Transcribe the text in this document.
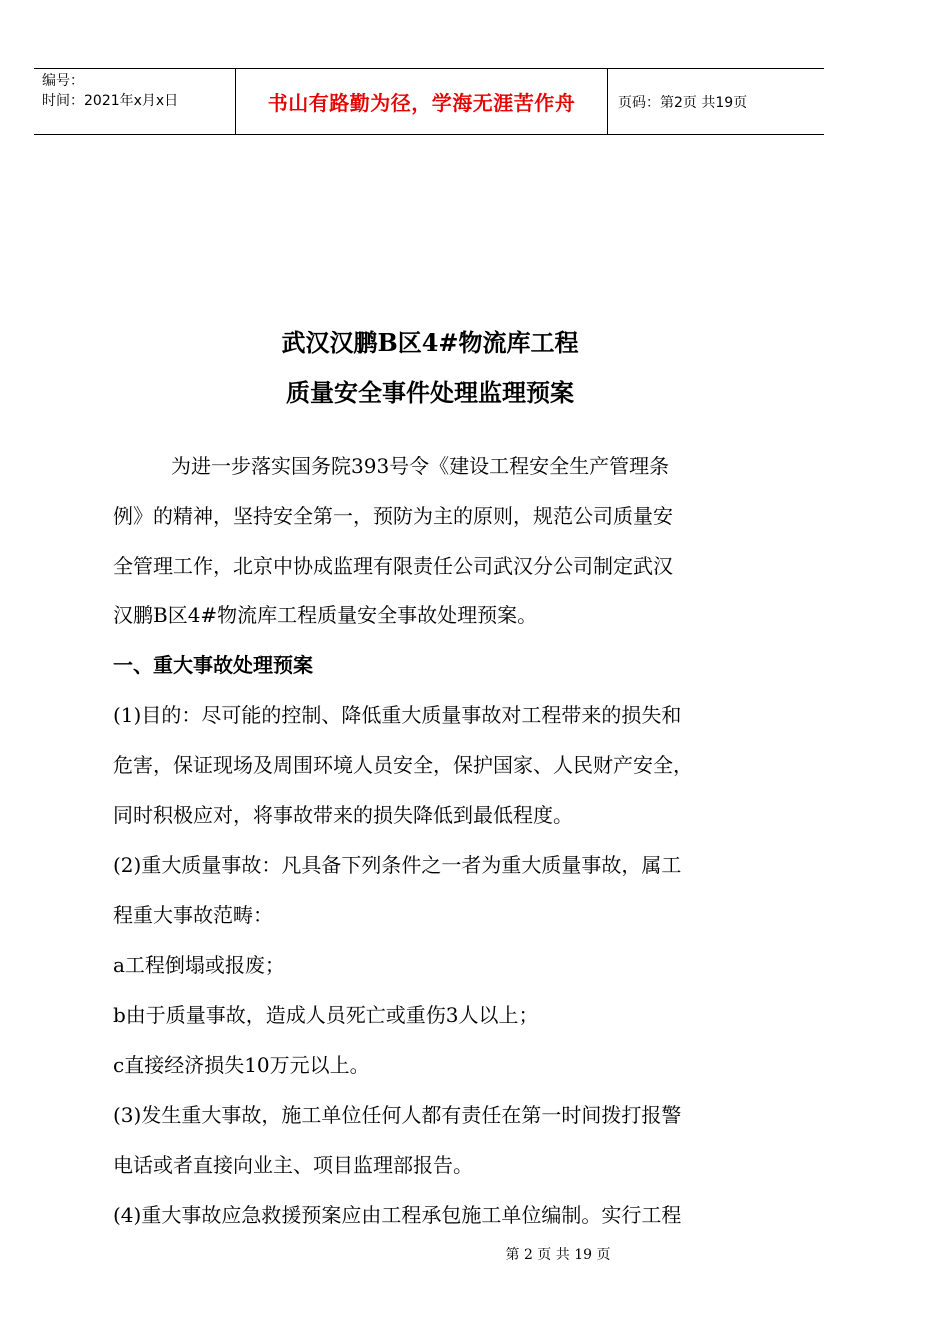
编号：
时间：2021年x月x日	书山有路勤为径，学海无涯苦作舟	页码：第2页 共19页
武汉汉鹏B区4#物流库工程
质量安全事件处理监理预案
为进一步落实国务院393号令《建设工程安全生产管理条
例》的精神，坚持安全第一，预防为主的原则，规范公司质量安
全管理工作，北京中协成监理有限责任公司武汉分公司制定武汉
汉鹏B区4#物流库工程质量安全事故处理预案。
一、重大事故处理预案
(1)目的：尽可能的控制、降低重大质量事故对工程带来的损失和
危害，保证现场及周围环境人员安全，保护国家、人民财产安全，
同时积极应对，将事故带来的损失降低到最低程度。
(2)重大质量事故：凡具备下列条件之一者为重大质量事故，属工
程重大事故范畴：
a工程倒塌或报废；
b由于质量事故，造成人员死亡或重伤3人以上；
c直接经济损失10万元以上。
(3)发生重大事故，施工单位任何人都有责任在第一时间拨打报警
电话或者直接向业主、项目监理部报告。
(4)重大事故应急救援预案应由工程承包施工单位编制。实行工程
第 2 页 共 19 页
